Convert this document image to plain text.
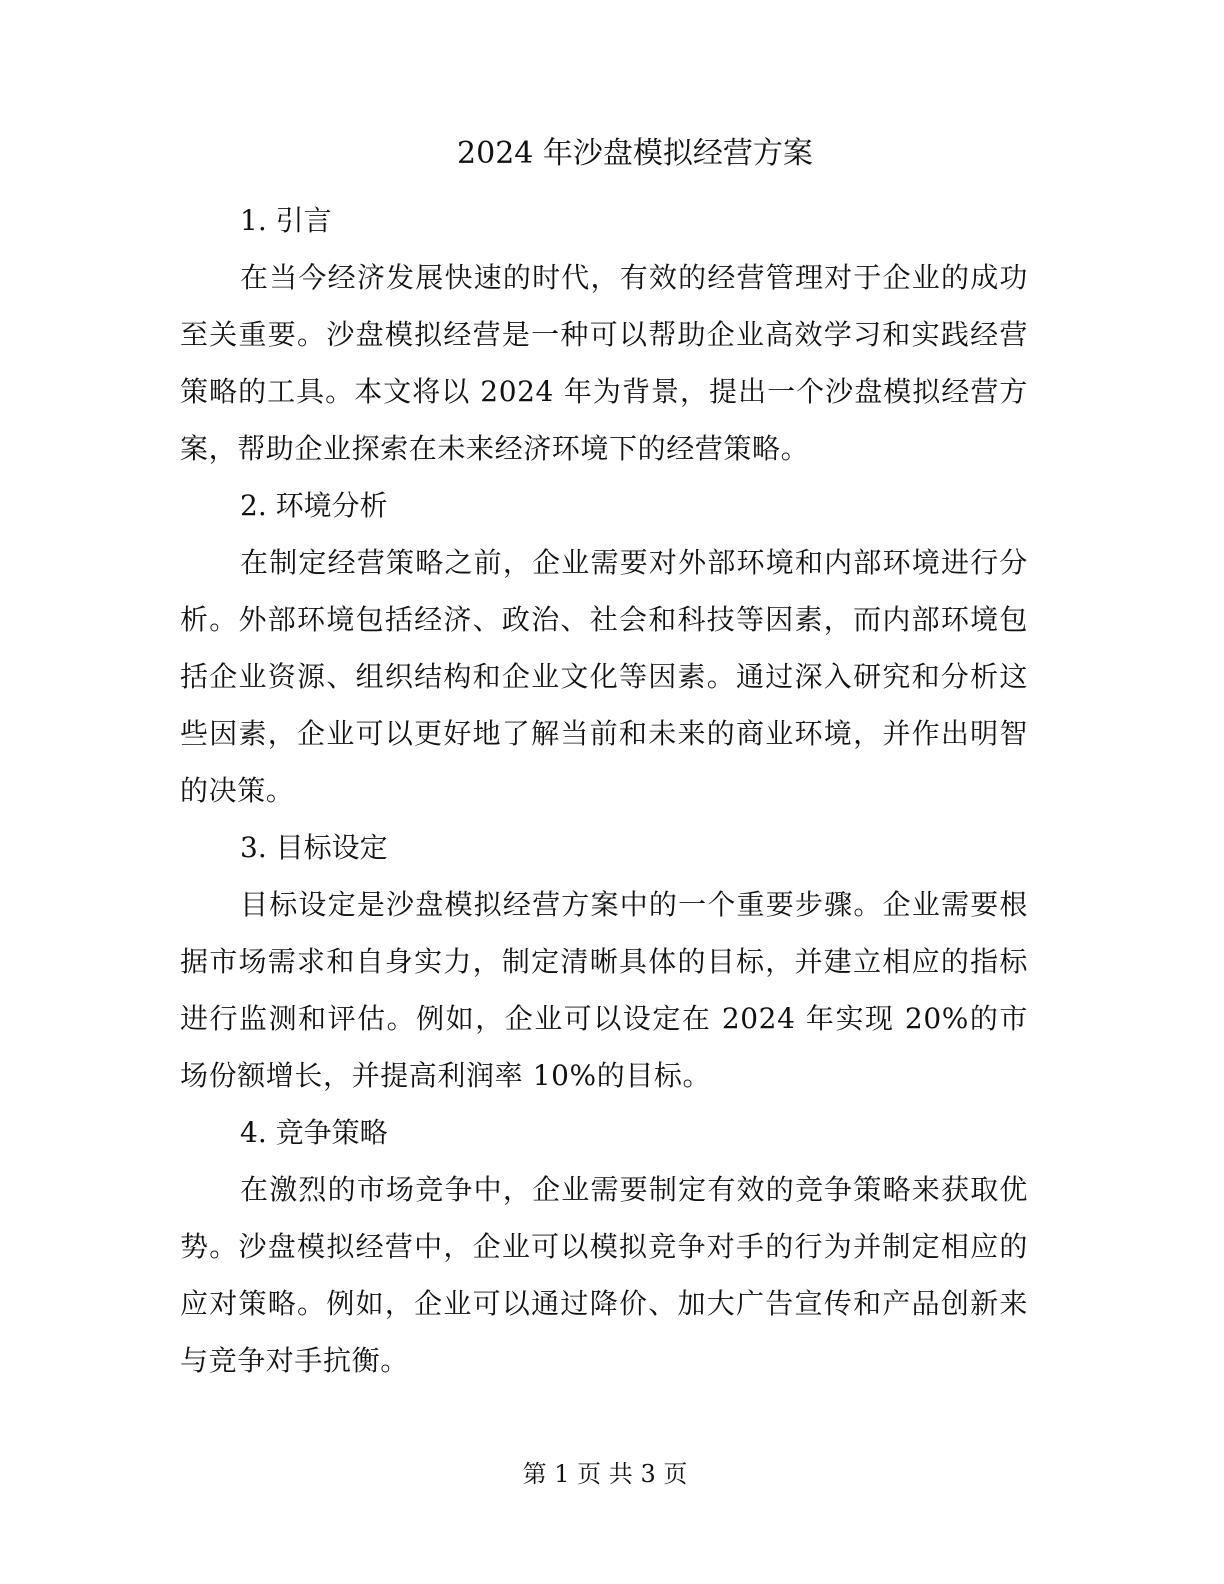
2024 年沙盘模拟经营方案
1. 引言

在当今经济发展快速的时代，有效的经营管理对于企业的成功至关重要。沙盘模拟经营是一种可以帮助企业高效学习和实践经营策略的工具。本文将以 2024 年为背景，提出一个沙盘模拟经营方案，帮助企业探索在未来经济环境下的经营策略。

2. 环境分析

在制定经营策略之前，企业需要对外部环境和内部环境进行分析。外部环境包括经济、政治、社会和科技等因素，而内部环境包括企业资源、组织结构和企业文化等因素。通过深入研究和分析这些因素，企业可以更好地了解当前和未来的商业环境，并作出明智的决策。

3. 目标设定

目标设定是沙盘模拟经营方案中的一个重要步骤。企业需要根据市场需求和自身实力，制定清晰具体的目标，并建立相应的指标进行监测和评估。例如，企业可以设定在 2024 年实现 20%的市场份额增长，并提高利润率 10%的目标。

4. 竞争策略

在激烈的市场竞争中，企业需要制定有效的竞争策略来获取优势。沙盘模拟经营中，企业可以模拟竞争对手的行为并制定相应的应对策略。例如，企业可以通过降价、加大广告宣传和产品创新来与竞争对手抗衡。

第 1 页 共 3 页
